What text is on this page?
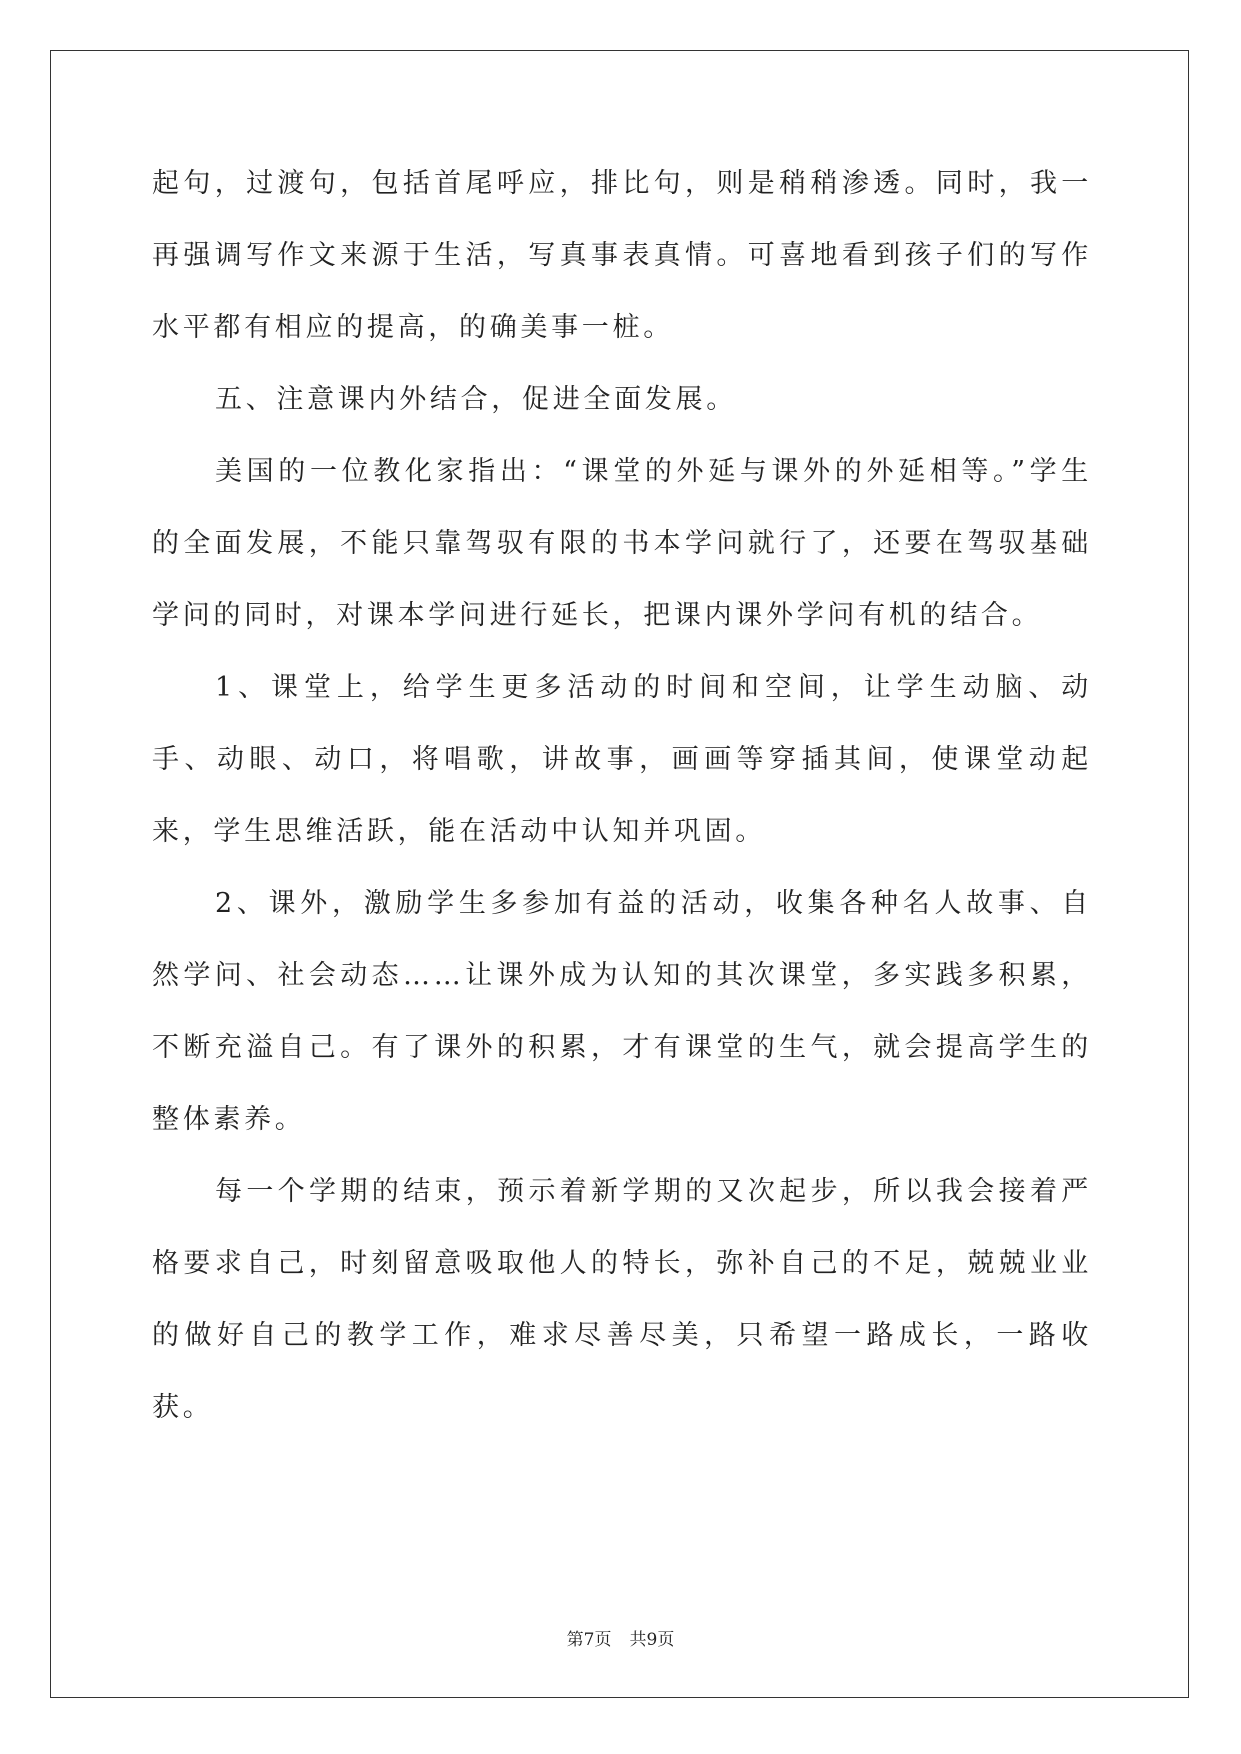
起句，过渡句，包括首尾呼应，排比句，则是稍稍渗透。同时，我一再强调写作文来源于生活，写真事表真情。可喜地看到孩子们的写作水平都有相应的提高，的确美事一桩。

五、注意课内外结合，促进全面发展。

美国的一位教化家指出：“课堂的外延与课外的外延相等。”学生的全面发展，不能只靠驾驭有限的书本学问就行了，还要在驾驭基础学问的同时，对课本学问进行延长，把课内课外学问有机的结合。

1、课堂上，给学生更多活动的时间和空间，让学生动脑、动手、动眼、动口，将唱歌，讲故事，画画等穿插其间，使课堂动起来，学生思维活跃，能在活动中认知并巩固。

2、课外，激励学生多参加有益的活动，收集各种名人故事、自然学问、社会动态……让课外成为认知的其次课堂，多实践多积累，不断充溢自己。有了课外的积累，才有课堂的生气，就会提高学生的整体素养。

每一个学期的结束，预示着新学期的又次起步，所以我会接着严格要求自己，时刻留意吸取他人的特长，弥补自己的不足，兢兢业业的做好自己的教学工作，难求尽善尽美，只希望一路成长，一路收获。

第7页 共9页
